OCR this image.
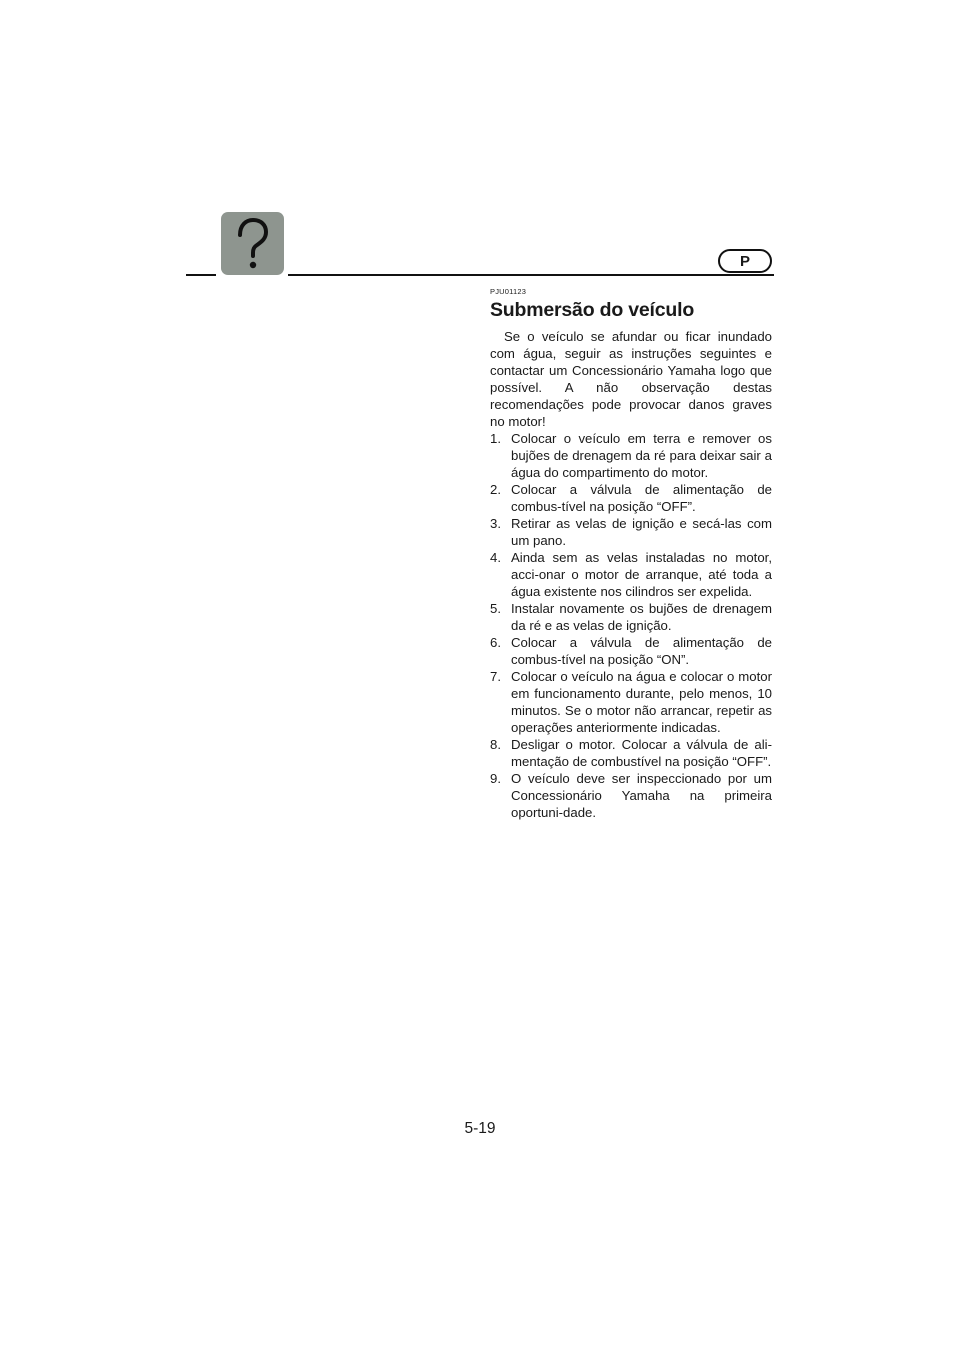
P
PJU01123
Submersão do veículo

Se o veículo se afundar ou ficar inundado com água, seguir as instruções seguintes e contactar um Concessionário Yamaha logo que possível. A não observação destas recomendações pode provocar danos graves no motor!

1. Colocar o veículo em terra e remover os bujões de drenagem da ré para deixar sair a água do compartimento do motor.
2. Colocar a válvula de alimentação de combus-tível na posição “OFF”.
3. Retirar as velas de ignição e secá-las com um pano.
4. Ainda sem as velas instaladas no motor, acci-onar o motor de arranque, até toda a água existente nos cilindros ser expelida.
5. Instalar novamente os bujões de drenagem da ré e as velas de ignição.
6. Colocar a válvula de alimentação de combus-tível na posição “ON”.
7. Colocar o veículo na água e colocar o motor em funcionamento durante, pelo menos, 10 minutos. Se o motor não arrancar, repetir as operações anteriormente indicadas.
8. Desligar o motor. Colocar a válvula de ali-mentação de combustível na posição “OFF”.
9. O veículo deve ser inspeccionado por um Concessionário Yamaha na primeira oportuni-dade.
5-19
